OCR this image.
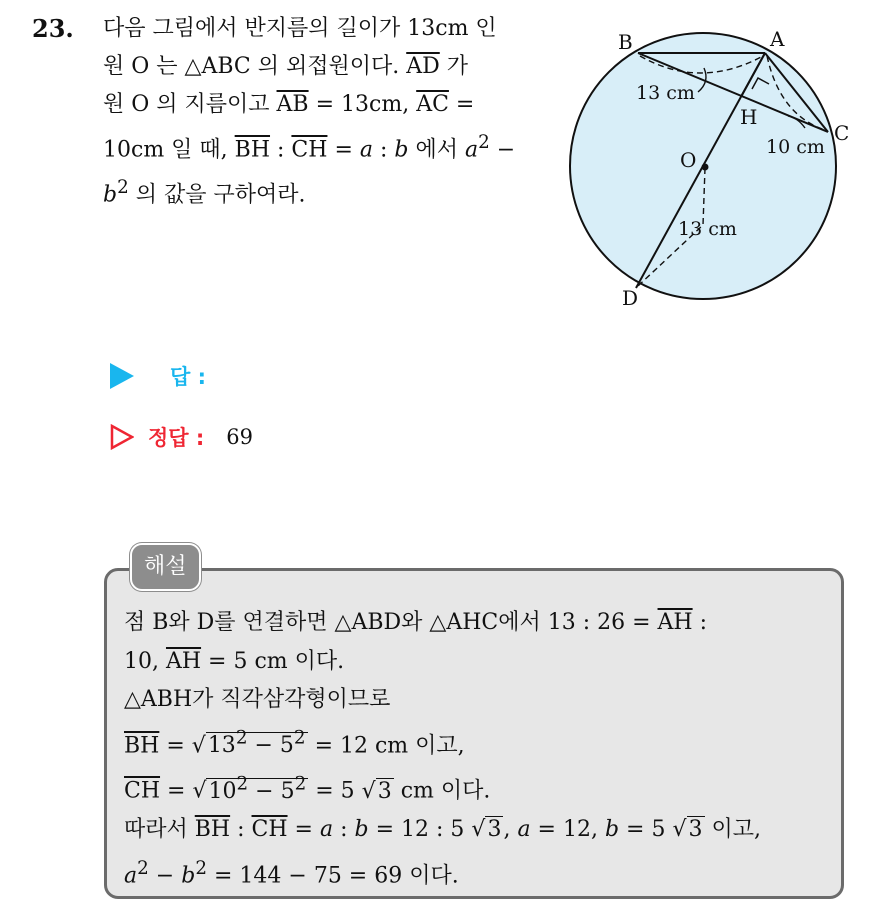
23. 다음 그림에서 반지름의 길이가 13cm 인
원 O 는 △ABC 의 외접원이다. $\overline{AD}$ 가
원 O 의 지름이고 $\overline{AB} = 13cm$, $\overline{AC}$ =
10cm 일 때, $\overline{BH}$ : $\overline{CH} = a$ : b 에서 $a^2$ −
$b^2$ 의 값을 구하여라.
B	A
C
D
H
O
13 cm
10 cm
13 cm
답 :
정답 : 69
해설
점 B와 D를 연결하면 △ABD와 △AHC에서 13 : $26 = \overline{AH}$ :
10, $\overline{AH} = 5$ cm 이다.
△ABH가 직각삼각형이므로
$\overline{BH} = √13^2 - 5^2 = 12$ cm 이고,
$\overline{CH} = √10^2 - 5^2 = 5$ √3 cm 이다.
따라서 $\overline{BH}$ : $\overline{CH} = a$ : b = 12 : 5 √3, a = 12, b = 5 √3 이고,
$a^2 - b^2 = 144 - 75 = 69$ 이다.
